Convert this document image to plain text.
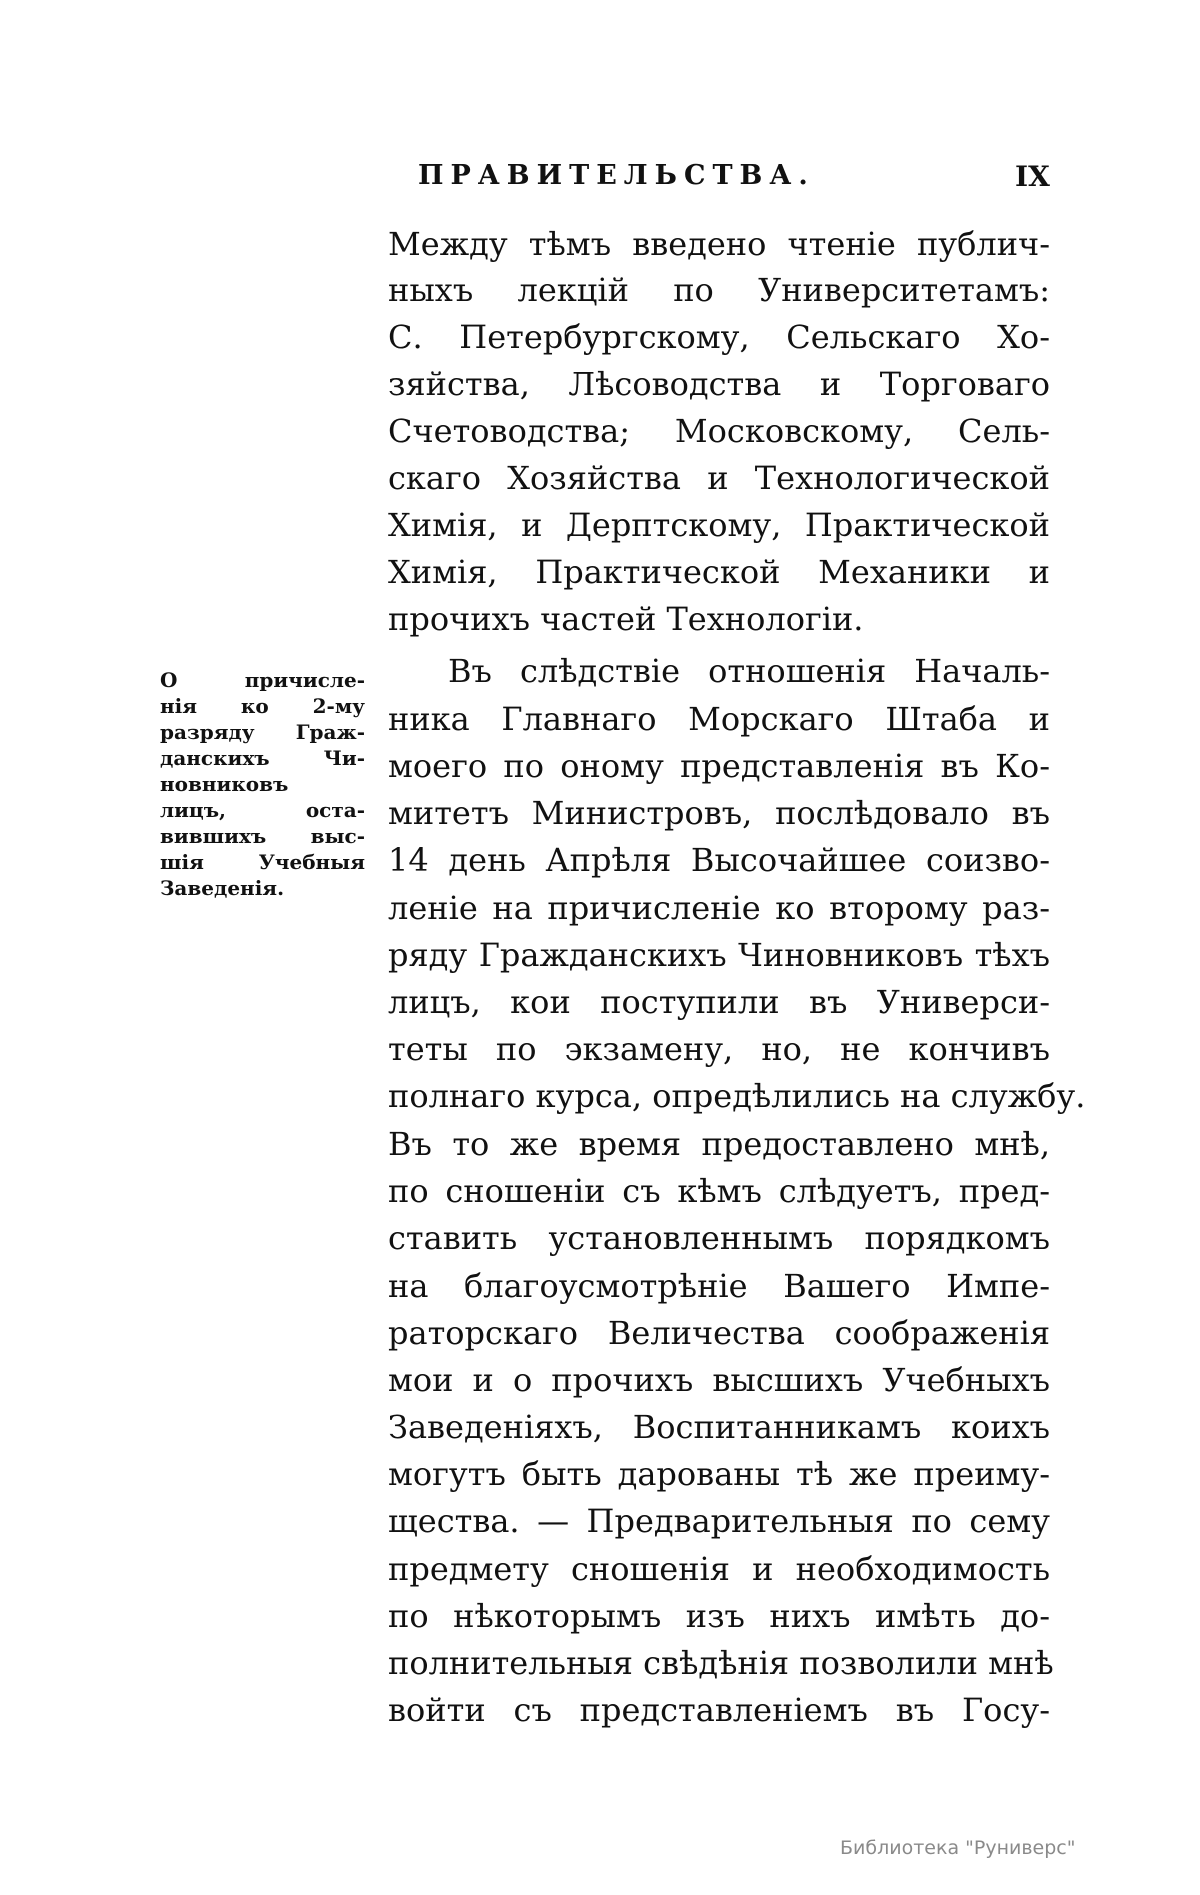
ПРАВИТЕЛЬСТВА.	IX
О причисле-
нія ко 2-му
разряду Граж-
данскихъ Чи-
новниковъ
лицъ, оста-
вившихъ выс-
шія Учебныя
Заведенія.
Между тѣмъ введено чтеніе публич-
ныхъ лекцій по Университетамъ:
С. Петербургскому, Сельскаго Хо-
зяйства, Лѣсоводства и Торговаго
Счетоводства; Московскому, Сель-
скаго Хозяйства и Технологической
Химія, и Дерптскому, Практической
Химія, Практической Механики и
прочихъ частей Технологіи.
Въ слѣдствіе отношенія Началь-
ника Главнаго Морскаго Штаба и
моего по оному представленія въ Ко-
митетъ Министровъ, послѣдовало въ
14 день Апрѣля Высочайшее соизво-
леніе на причисленіе ко второму раз-
ряду Гражданскихъ Чиновниковъ тѣхъ
лицъ, кои поступили въ Универси-
теты по экзамену, но, не кончивъ
полнаго курса, опредѣлились на службу.
Въ то же время предоставлено мнѣ,
по сношеніи съ кѣмъ слѣдуетъ, пред-
ставить установленнымъ порядкомъ
на благоусмотрѣніе Вашего Импе-
раторскаго Величества соображенія
мои и о прочихъ высшихъ Учебныхъ
Заведеніяхъ, Воспитанникамъ коихъ
могутъ быть дарованы тѣ же преиму-
щества. — Предварительныя по сему
предмету сношенія и необходимость
по нѣкоторымъ изъ нихъ имѣть до-
полнительныя свѣдѣнія позволили мнѣ
войти съ представленіемъ въ Госу-
Библиотека "Руниверс"
